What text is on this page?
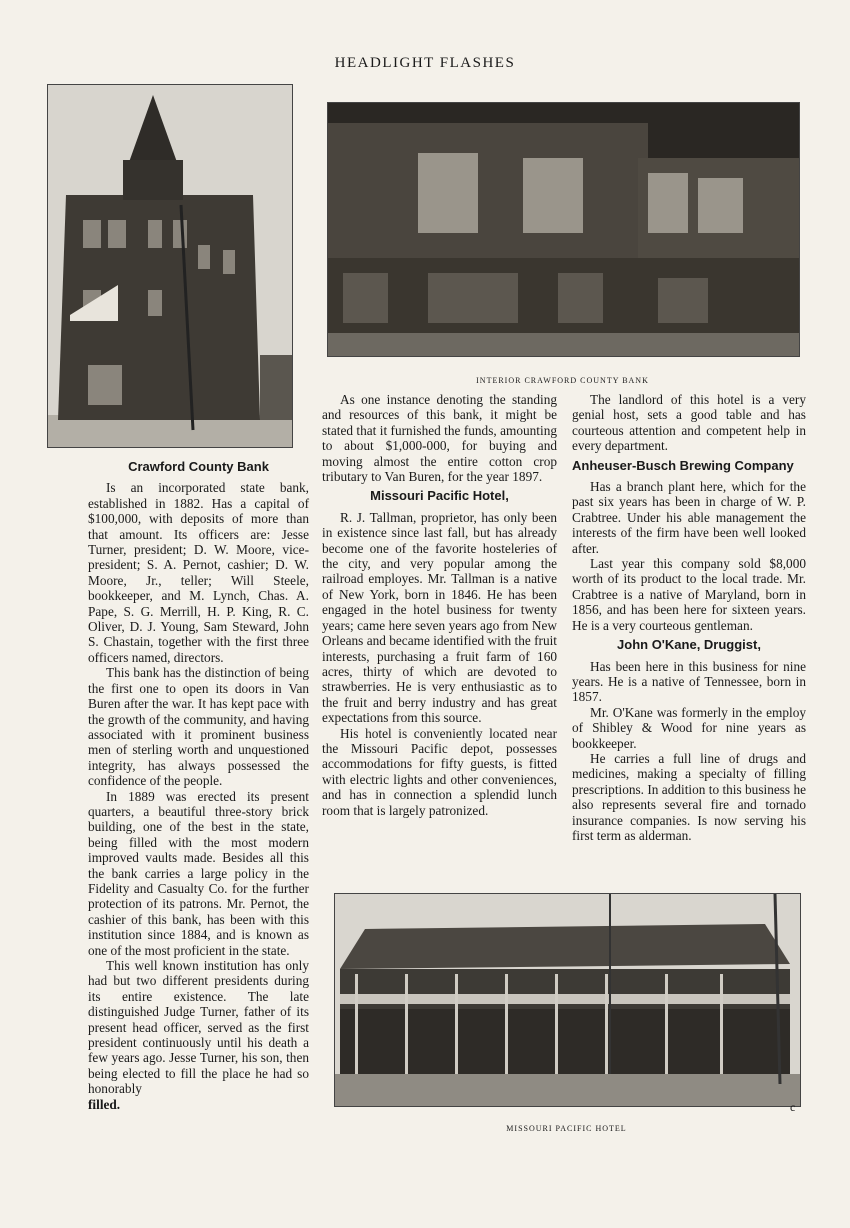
HEADLIGHT FLASHES
INTERIOR CRAWFORD COUNTY BANK
Crawford County Bank

Is an incorporated state bank, established in 1882. Has a capital of $100,000, with deposits of more than that amount. Its officers are: Jesse Turner, president; D. W. Moore, vice-president; S. A. Pernot, cashier; D. W. Moore, Jr., teller; Will Steele, bookkeeper, and M. Lynch, Chas. A. Pape, S. G. Merrill, H. P. King, R. C. Oliver, D. J. Young, Sam Steward, John S. Chastain, together with the first three officers named, directors.

This bank has the distinction of being the first one to open its doors in Van Buren after the war. It has kept pace with the growth of the community, and having associated with it prominent business men of sterling worth and unquestioned integrity, has always possessed the confidence of the people.

In 1889 was erected its present quarters, a beautiful three-story brick building, one of the best in the state, being filled with the most modern improved vaults made. Besides all this the bank carries a large policy in the Fidelity and Casualty Co. for the further protection of its patrons. Mr. Pernot, the cashier of this bank, has been with this institution since 1884, and is known as one of the most proficient in the state.

This well known institution has only had but two different presidents during its entire existence. The late distinguished Judge Turner, father of its present head officer, served as the first president continuously until his death a few years ago. Jesse Turner, his son, then being elected to fill the place he had so honorably

filled.

As one instance denoting the standing and resources of this bank, it might be stated that it furnished the funds, amounting to about $1,000-000, for buying and moving almost the entire cotton crop tributary to Van Buren, for the year 1897.

Missouri Pacific Hotel,

R. J. Tallman, proprietor, has only been in existence since last fall, but has already become one of the favorite hosteleries of the city, and very popular among the railroad employes. Mr. Tallman is a native of New York, born in 1846. He has been engaged in the hotel business for twenty years; came here seven years ago from New Orleans and became identified with the fruit interests, purchasing a fruit farm of 160 acres, thirty of which are devoted to strawberries. He is very enthusiastic as to the fruit and berry industry and has great expectations from this source.

His hotel is conveniently located near the Missouri Pacific depot, possesses accommodations for fifty guests, is fitted with electric lights and other conveniences, and has in connection a splendid lunch room that is largely patronized.

The landlord of this hotel is a very genial host, sets a good table and has courteous attention and competent help in every department.

Anheuser-Busch Brewing Company

Has a branch plant here, which for the past six years has been in charge of W. P. Crabtree. Under his able management the interests of the firm have been well looked after.

Last year this company sold $8,000 worth of its product to the local trade. Mr. Crabtree is a native of Maryland, born in 1856, and has been here for sixteen years. He is a very courteous gentleman.

John O'Kane, Druggist,

Has been here in this business for nine years. He is a native of Tennessee, born in 1857.

Mr. O'Kane was formerly in the employ of Shibley & Wood for nine years as bookkeeper.

He carries a full line of drugs and medicines, making a specialty of filling prescriptions. In addition to this business he also represents several fire and tornado insurance companies. Is now serving his first term as alderman.

MISSOURI PACIFIC HOTEL
c
